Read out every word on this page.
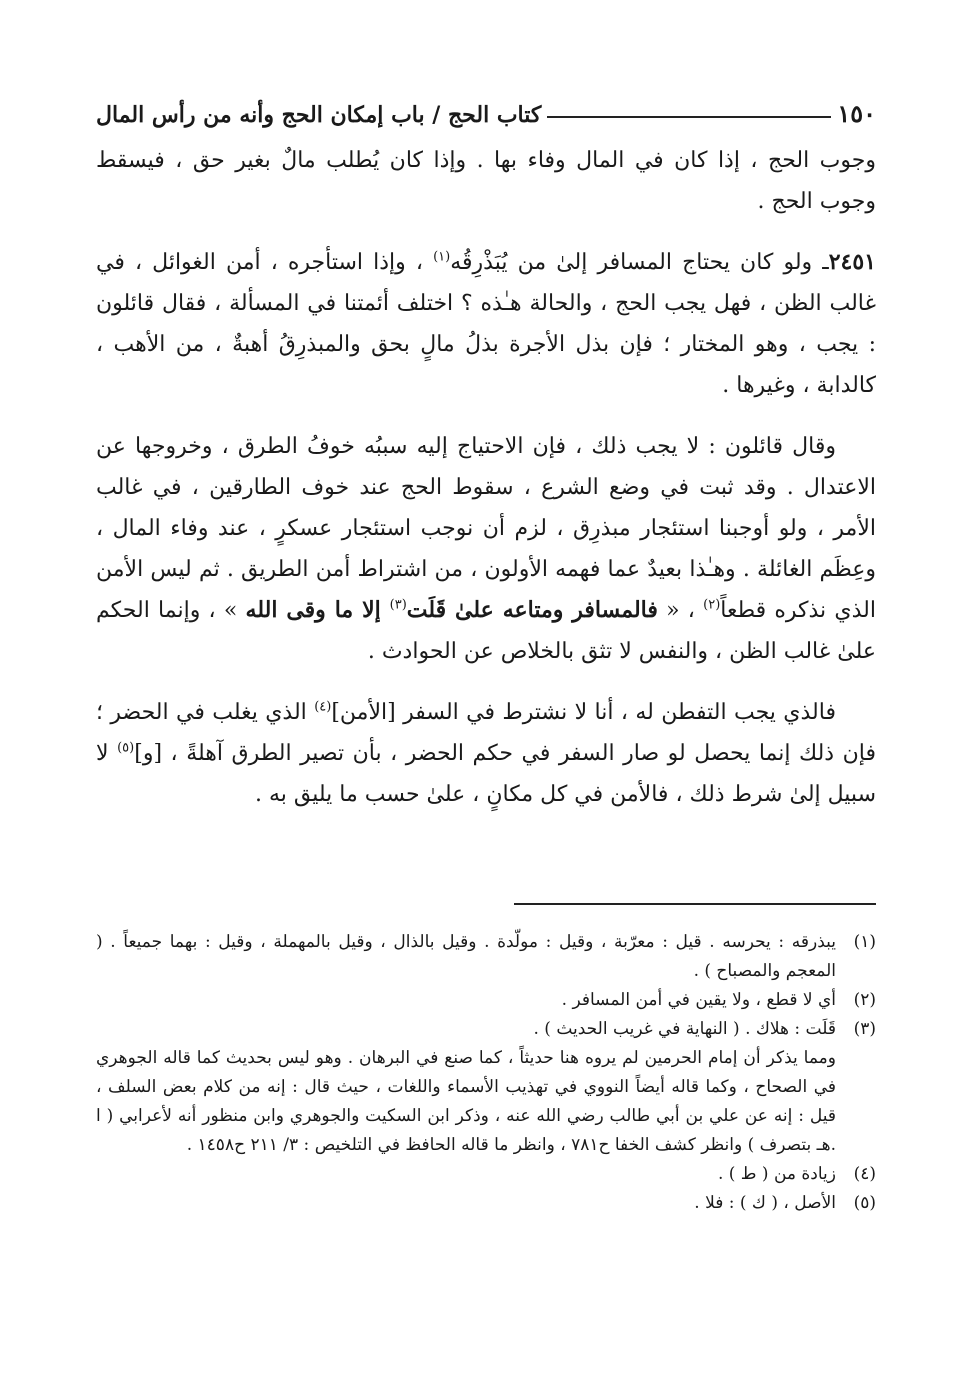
١٥٠
كتاب الحج / باب إمكان الحج وأنه من رأس المال

وجوب الحج ، إذا كان في المال وفاء بها . وإذا كان يُطلب مالٌ بغير حق ، فيسقط وجوب الحج .

٢٤٥١ـ ولو كان يحتاج المسافر إلىٰ من يُبَذْرِقُه$^{(١)}$ ، وإذا استأجره ، أمن الغوائل ، في غالب الظن ، فهل يجب الحج ، والحالة هـٰذه ؟ اختلف أئمتنا في المسألة ، فقال قائلون : يجب ، وهو المختار ؛ فإن بذل الأجرة بذلُ مالٍ بحق والمبذرِقُ أهبةٌ ، من الأهب ، كالدابة ، وغيرها .

وقال قائلون : لا يجب ذلك ، فإن الاحتياج إليه سببُه خوفُ الطرق ، وخروجها عن الاعتدال . وقد ثبت في وضع الشرع ، سقوط الحج عند خوف الطارقين ، في غالب الأمر ، ولو أوجبنا استئجار مبذرِق ، لزم أن نوجب استئجار عسكرٍ ، عند وفاء المال ، وعِظَم الغائلة . وهـٰذا بعيدٌ عما فهمه الأولون ، من اشتراط أمن الطريق . ثم ليس الأمن الذي نذكره قطعاً$^{(٢)}$ ، « فالمسافر ومتاعه علىٰ قَلَت$^{(٣)}$ إلا ما وقى الله » ، وإنما الحكم علىٰ غالب الظن ، والنفس لا تثق بالخلاص عن الحوادث .

فالذي يجب التفطن له ، أنا لا نشترط في السفر [الأمن]$^{(٤)}$ الذي يغلب في الحضر ؛ فإن ذلك إنما يحصل لو صار السفر في حكم الحضر ، بأن تصير الطرق آهلةً ، [و]$^{(٥)}$ لا سبيل إلىٰ شرط ذلك ، فالأمن في كل مكانٍ ، علىٰ حسب ما يليق به .

(١)
يبذرقه : يحرسه . قيل : معرّبة ، وقيل : مولّدة . وقيل بالذال ، وقيل بالمهملة ، وقيل : بهما جميعاً . ( المعجم والمصباح ) .
(٢)
أي لا قطع ، ولا يقين في أمن المسافر .
(٣)
قَلَت : هلاك . ( النهاية في غريب الحديث ) .
ومما يذكر أن إمام الحرمين لم يروه هنا حديثاً ، كما صنع في البرهان . وهو ليس بحديث كما قاله الجوهري في الصحاح ، وكما قاله أيضاً النووي في تهذيب الأسماء واللغات ، حيث قال : إنه من كلام بعض السلف ، قيل : إنه عن علي بن أبي طالب رضي الله عنه ، وذكر ابن السكيت والجوهري وابن منظور أنه لأعرابي ( ا .هـ بتصرف ) وانظر كشف الخفا ح٧٨١ ، وانظر ما قاله الحافظ في التلخيص : ٣/ ٢١١ ح١٤٥٨ .
(٤)
زيادة من ( ط ) .
(٥)
الأصل ، ( ك ) : فلا .
